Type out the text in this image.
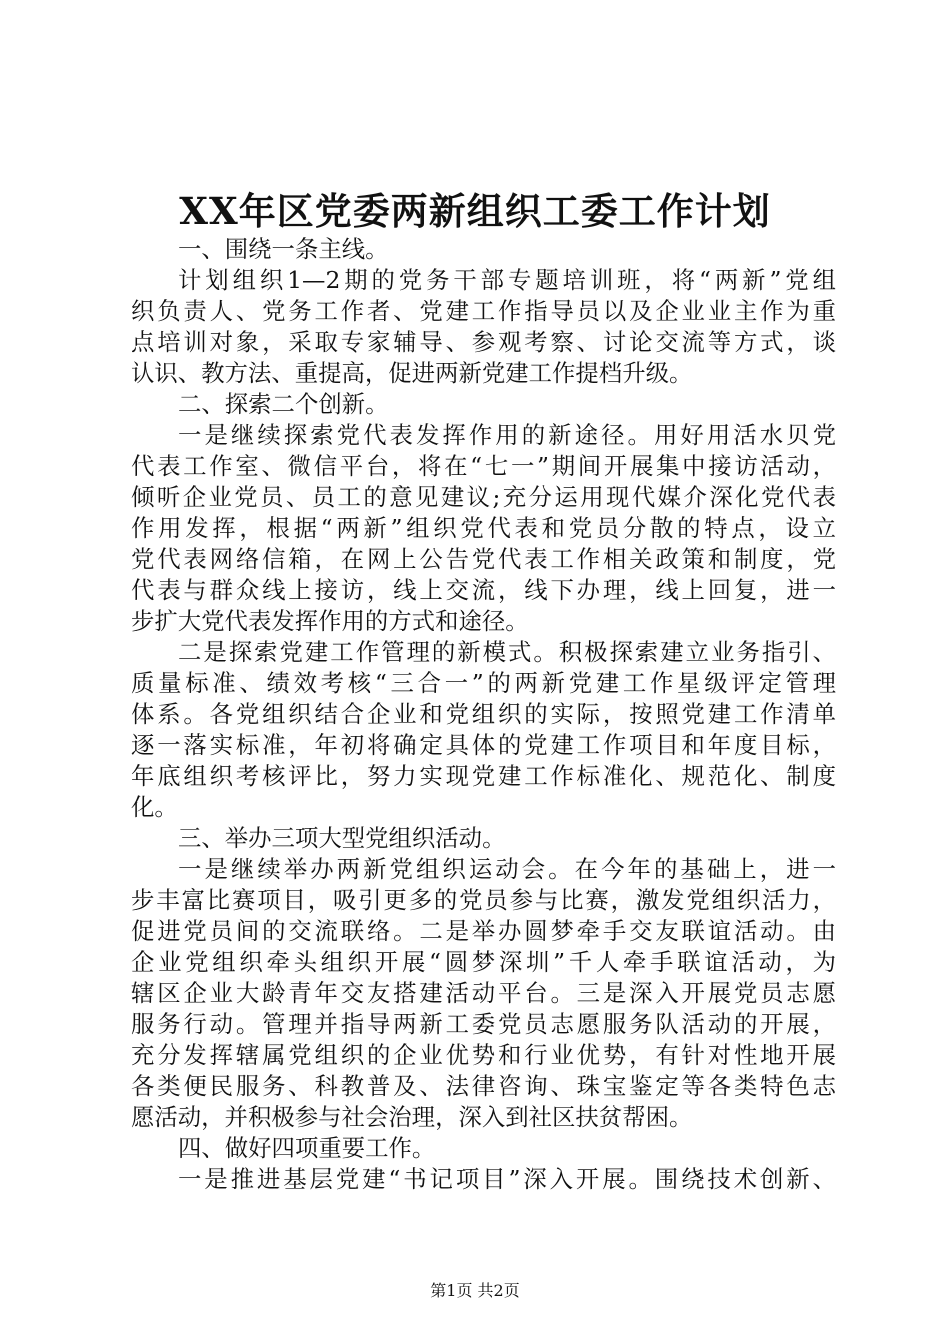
XX年区党委两新组织工委工作计划
一、围绕一条主线。
计划组织1—2期的党务干部专题培训班，将“两新”党组
织负责人、党务工作者、党建工作指导员以及企业业主作为重
点培训对象，采取专家辅导、参观考察、讨论交流等方式，谈
认识、教方法、重提高，促进两新党建工作提档升级。
二、探索二个创新。
一是继续探索党代表发挥作用的新途径。用好用活水贝党
代表工作室、微信平台，将在“七一”期间开展集中接访活动，
倾听企业党员、员工的意见建议;充分运用现代媒介深化党代表
作用发挥，根据“两新”组织党代表和党员分散的特点，设立
党代表网络信箱，在网上公告党代表工作相关政策和制度，党
代表与群众线上接访，线上交流，线下办理，线上回复，进一
步扩大党代表发挥作用的方式和途径。
二是探索党建工作管理的新模式。积极探索建立业务指引、
质量标准、绩效考核“三合一”的两新党建工作星级评定管理
体系。各党组织结合企业和党组织的实际，按照党建工作清单
逐一落实标准，年初将确定具体的党建工作项目和年度目标，
年底组织考核评比，努力实现党建工作标准化、规范化、制度
化。
三、举办三项大型党组织活动。
一是继续举办两新党组织运动会。在今年的基础上，进一
步丰富比赛项目，吸引更多的党员参与比赛，激发党组织活力，
促进党员间的交流联络。二是举办圆梦牵手交友联谊活动。由
企业党组织牵头组织开展“圆梦深圳”千人牵手联谊活动，为
辖区企业大龄青年交友搭建活动平台。三是深入开展党员志愿
服务行动。管理并指导两新工委党员志愿服务队活动的开展，
充分发挥辖属党组织的企业优势和行业优势，有针对性地开展
各类便民服务、科教普及、法律咨询、珠宝鉴定等各类特色志
愿活动，并积极参与社会治理，深入到社区扶贫帮困。
四、做好四项重要工作。
一是推进基层党建“书记项目”深入开展。围绕技术创新、
第1页 共2页
